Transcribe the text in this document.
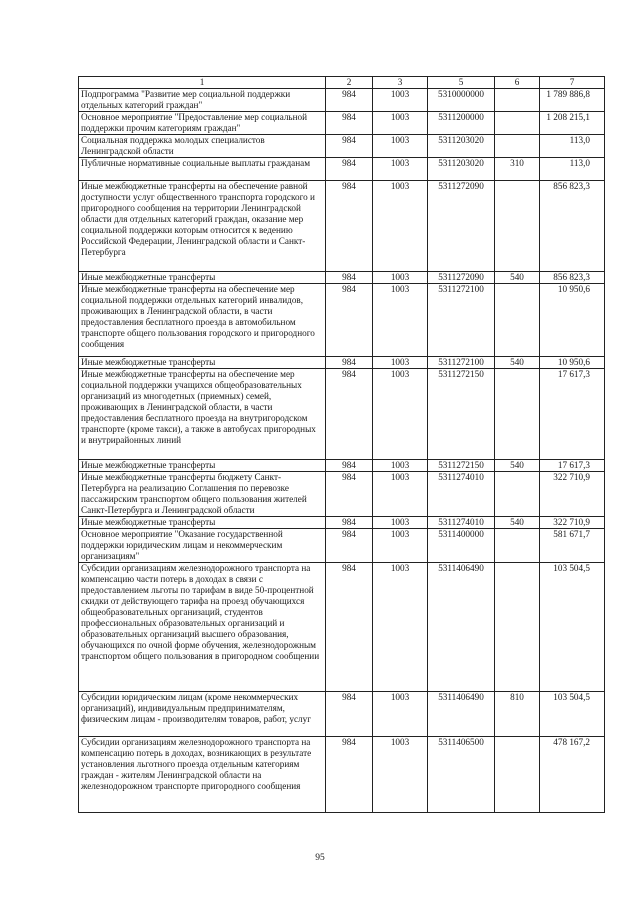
1	2	3	5	6	7
Подпрограмма "Развитие мер социальной поддержки отдельных категорий граждан"	984	1003	5310000000		1 789 886,8
Основное мероприятие "Предоставление мер социальной поддержки прочим категориям граждан"	984	1003	5311200000		1 208 215,1
Социальная поддержка молодых специалистов Ленинградской области	984	1003	5311203020		113,0
Публичные нормативные социальные выплаты гражданам	984	1003	5311203020	310	113,0
Иные межбюджетные трансферты на обеспечение равной доступности услуг общественного транспорта городского и пригородного сообщения на территории Ленинградской области для отдельных категорий граждан, оказание мер социальной поддержки которым относится к ведению Российской Федерации, Ленинградской области и Санкт-Петербурга	984	1003	5311272090		856 823,3
Иные межбюджетные трансферты	984	1003	5311272090	540	856 823,3
Иные межбюджетные трансферты на обеспечение мер социальной поддержки отдельных категорий инвалидов, проживающих в Ленинградской области, в части предоставления бесплатного проезда в автомобильном транспорте общего пользования городского и пригородного сообщения	984	1003	5311272100		10 950,6
Иные межбюджетные трансферты	984	1003	5311272100	540	10 950,6
Иные межбюджетные трансферты на обеспечение мер социальной поддержки учащихся общеобразовательных организаций из многодетных (приемных) семей, проживающих в Ленинградской области, в части предоставления бесплатного проезда на внутригородском транспорте (кроме такси), а также в автобусах пригородных и внутрирайонных линий	984	1003	5311272150		17 617,3
Иные межбюджетные трансферты	984	1003	5311272150	540	17 617,3
Иные межбюджетные трансферты бюджету Санкт-Петербурга на реализацию Соглашения по перевозке пассажирским транспортом общего пользования жителей Санкт-Петербурга и Ленинградской области	984	1003	5311274010		322 710,9
Иные межбюджетные трансферты	984	1003	5311274010	540	322 710,9
Основное мероприятие "Оказание государственной поддержки юридическим лицам и некоммерческим организациям"	984	1003	5311400000		581 671,7
Субсидии организациям железнодорожного транспорта на компенсацию части потерь в доходах в связи с предоставлением льготы по тарифам в виде 50-процентной скидки от действующего тарифа на проезд обучающихся общеобразовательных организаций, студентов профессиональных образовательных организаций и образовательных организаций высшего образования, обучающихся по очной форме обучения, железнодорожным транспортом общего пользования в пригородном сообщении	984	1003	5311406490		103 504,5
Субсидии юридическим лицам (кроме некоммерческих организаций), индивидуальным предпринимателям, физическим лицам - производителям товаров, работ, услуг	984	1003	5311406490	810	103 504,5
Субсидии организациям железнодорожного транспорта на компенсацию потерь в доходах, возникающих в результате установления льготного проезда отдельным категориям граждан - жителям Ленинградской области на железнодорожном транспорте пригородного сообщения	984	1003	5311406500		478 167,2
95
